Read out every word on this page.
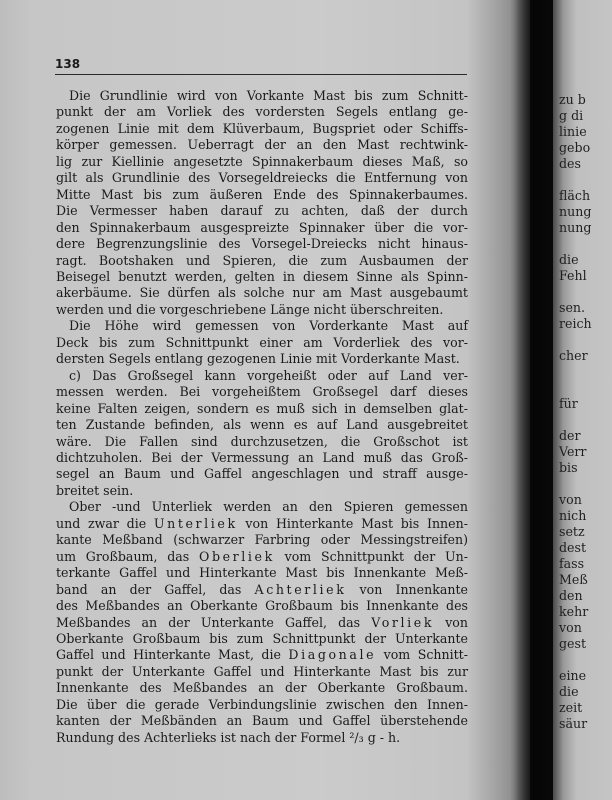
138
Die Grundlinie wird von Vorkante Mast bis zum Schnitt-
punkt der am Vorliek des vordersten Segels entlang ge-
zogenen Linie mit dem Klüverbaum, Bugspriet oder Schiffs-
körper gemessen. Ueberragt der an den Mast rechtwink-
lig zur Kiellinie angesetzte Spinnakerbaum dieses Maß, so
gilt als Grundlinie des Vorsegeldreiecks die Entfernung von
Mitte Mast bis zum äußeren Ende des Spinnakerbaumes.
Die Vermesser haben darauf zu achten, daß der durch
den Spinnakerbaum ausgespreizte Spinnaker über die vor-
dere Begrenzungslinie des Vorsegel-Dreiecks nicht hinaus-
ragt. Bootshaken und Spieren, die zum Ausbaumen der
Beisegel benutzt werden, gelten in diesem Sinne als Spinn-
akerbäume. Sie dürfen als solche nur am Mast ausgebaumt
werden und die vorgeschriebene Länge nicht überschreiten.
Die Höhe wird gemessen von Vorderkante Mast auf
Deck bis zum Schnittpunkt einer am Vorderliek des vor-
dersten Segels entlang gezogenen Linie mit Vorderkante Mast.
c) Das Großsegel kann vorgeheißt oder auf Land ver-
messen werden. Bei vorgeheißtem Großsegel darf dieses
keine Falten zeigen, sondern es muß sich in demselben glat-
ten Zustande befinden, als wenn es auf Land ausgebreitet
wäre. Die Fallen sind durchzusetzen, die Großschot ist
dichtzuholen. Bei der Vermessung an Land muß das Groß-
segel an Baum und Gaffel angeschlagen und straff ausge-
breitet sein.
Ober -und Unterliek werden an den Spieren gemessen
und zwar die Unterliek von Hinterkante Mast bis Innen-
kante Meßband (schwarzer Farbring oder Messingstreifen)
um Großbaum, das Oberliek vom Schnittpunkt der Un-
terkante Gaffel und Hinterkante Mast bis Innenkante Meß-
band an der Gaffel, das Achterliek von Innenkante
des Meßbandes an Oberkante Großbaum bis Innenkante des
Meßbandes an der Unterkante Gaffel, das Vorliek von
Oberkante Großbaum bis zum Schnittpunkt der Unterkante
Gaffel und Hinterkante Mast, die Diagonale vom Schnitt-
punkt der Unterkante Gaffel und Hinterkante Mast bis zur
Innenkante des Meßbandes an der Oberkante Großbaum.
Die über die gerade Verbindungslinie zwischen den Innen-
kanten der Meßbänden an Baum und Gaffel überstehende
Rundung des Achterlieks ist nach der Formel ²/₃ g - h.
zu b
g di
linie
gebo
des
fläch
nung
nung
die
Fehl
sen.
reich
cher
für
der
Verr
bis
von
nich
setz
dest
fass
Meß
den
kehr
von
gest
eine
die
zeit
säur
